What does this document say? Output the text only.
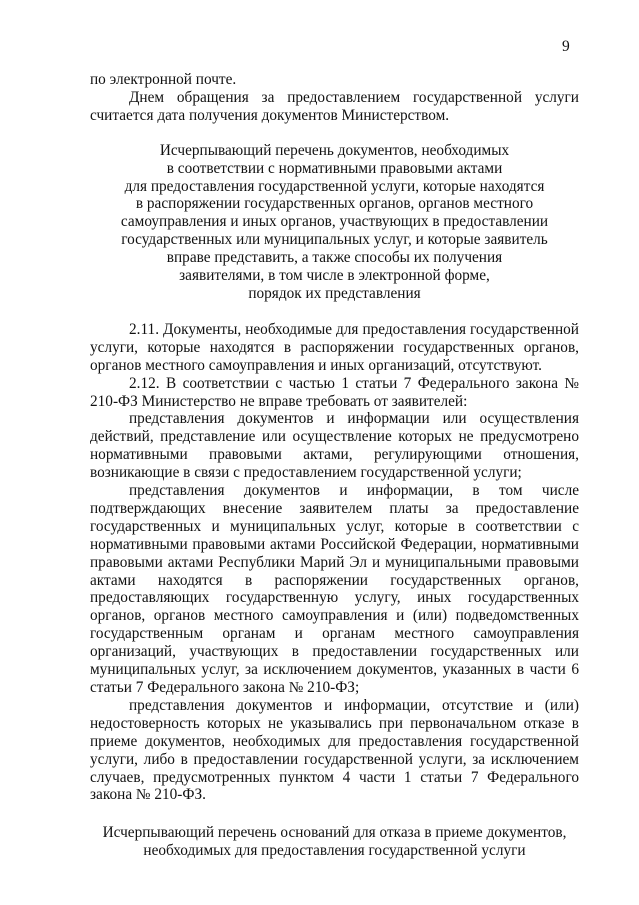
9

по электронной почте.

Днем обращения за предоставлением государственной услуги считается дата получения документов Министерством.

Исчерпывающий перечень документов, необходимых
в соответствии с нормативными правовыми актами
для предоставления государственной услуги, которые находятся
в распоряжении государственных органов, органов местного
самоуправления и иных органов, участвующих в предоставлении
государственных или муниципальных услуг, и которые заявитель
вправе представить, а также способы их получения
заявителями, в том числе в электронной форме,
порядок их представления

2.11. Документы, необходимые для предоставления государственной услуги, которые находятся в распоряжении государственных органов, органов местного самоуправления и иных организаций, отсутствуют.

2.12. В соответствии с частью 1 статьи 7 Федерального закона № 210-ФЗ Министерство не вправе требовать от заявителей:

представления документов и информации или осуществления действий, представление или осуществление которых не предусмотрено нормативными правовыми актами, регулирующими отношения, возникающие в связи с предоставлением государственной услуги;

представления документов и информации, в том числе подтверждающих внесение заявителем платы за предоставление государственных и муниципальных услуг, которые в соответствии с нормативными правовыми актами Российской Федерации, нормативными правовыми актами Республики Марий Эл и муниципальными правовыми актами находятся в распоряжении государственных органов, предоставляющих государственную услугу, иных государственных органов, органов местного самоуправления и (или) подведомственных государственным органам и органам местного самоуправления организаций, участвующих в предоставлении государственных или муниципальных услуг, за исключением документов, указанных в части 6 статьи 7 Федерального закона № 210-ФЗ;

представления документов и информации, отсутствие и (или) недостоверность которых не указывались при первоначальном отказе в приеме документов, необходимых для предоставления государственной услуги, либо в предоставлении государственной услуги, за исключением случаев, предусмотренных пунктом 4 части 1 статьи 7 Федерального закона № 210-ФЗ.

Исчерпывающий перечень оснований для отказа в приеме документов,
необходимых для предоставления государственной услуги
